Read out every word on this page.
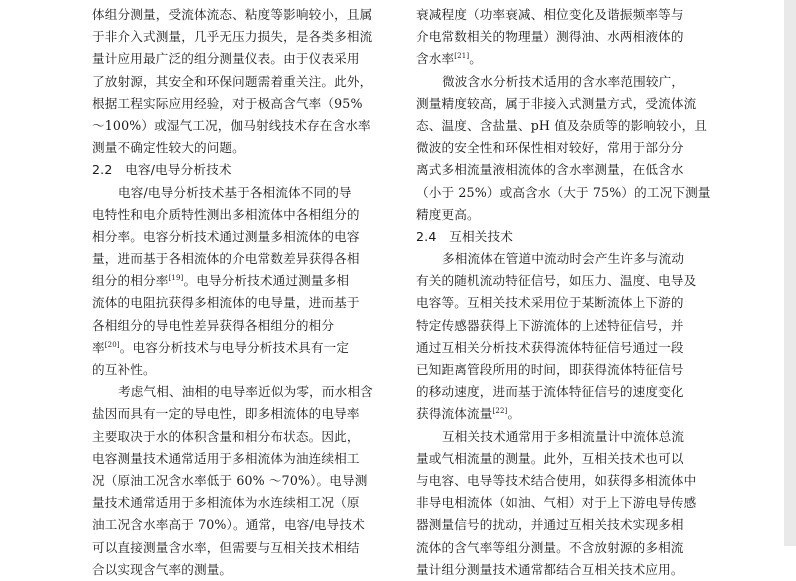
体组分测量，受流体流态、粘度等影响较小，且属
于非介入式测量，几乎无压力损失，是各类多相流
量计应用最广泛的组分测量仪表。由于仪表采用
了放射源，其安全和环保问题需着重关注。此外，
根据工程实际应用经验，对于极高含气率（95%
～100%）或湿气工况，伽马射线技术存在含水率
测量不确定性较大的问题。
2.2　电容/电导分析技术
电容/电导分析技术基于各相流体不同的导
电特性和电介质特性测出多相流体中各相组分的
相分率。电容分析技术通过测量多相流体的电容
量，进而基于各相流体的介电常数差异获得各相
组分的相分率[19]。电导分析技术通过测量多相
流体的电阻抗获得多相流体的电导量，进而基于
各相组分的导电性差异获得各相组分的相分
率[20]。电容分析技术与电导分析技术具有一定
的互补性。
考虑气相、油相的电导率近似为零，而水相含
盐因而具有一定的导电性，即多相流体的电导率
主要取决于水的体积含量和相分布状态。因此，
电容测量技术通常适用于多相流体为油连续相工
况（原油工况含水率低于 60% ～70%）。电导测
量技术通常适用于多相流体为水连续相工况（原
油工况含水率高于 70%）。通常，电容/电导技术
可以直接测量含水率，但需要与互相关技术相结
合以实现含气率的测量。
衰减程度（功率衰减、相位变化及谐振频率等与
介电常数相关的物理量）测得油、水两相液体的
含水率[21]。
微波含水分析技术适用的含水率范围较广，
测量精度较高，属于非接入式测量方式，受流体流
态、温度、含盐量、pH 值及杂质等的影响较小，且
微波的安全性和环保性相对较好，常用于部分分
离式多相流量液相流体的含水率测量，在低含水
（小于 25%）或高含水（大于 75%）的工况下测量
精度更高。
2.4　互相关技术
多相流体在管道中流动时会产生许多与流动
有关的随机流动特征信号，如压力、温度、电导及
电容等。互相关技术采用位于某断流体上下游的
特定传感器获得上下游流体的上述特征信号，并
通过互相关分析技术获得流体特征信号通过一段
已知距离管段所用的时间，即获得流体特征信号
的移动速度，进而基于流体特征信号的速度变化
获得流体流量[22]。
互相关技术通常用于多相流量计中流体总流
量或气相流量的测量。此外，互相关技术也可以
与电容、电导等技术结合使用，如获得多相流体中
非导电相流体（如油、气相）对于上下游电导传感
器测量信号的扰动，并通过互相关技术实现多相
流体的含气率等组分测量。不含放射源的多相流
量计组分测量技术通常都结合互相关技术应用。
